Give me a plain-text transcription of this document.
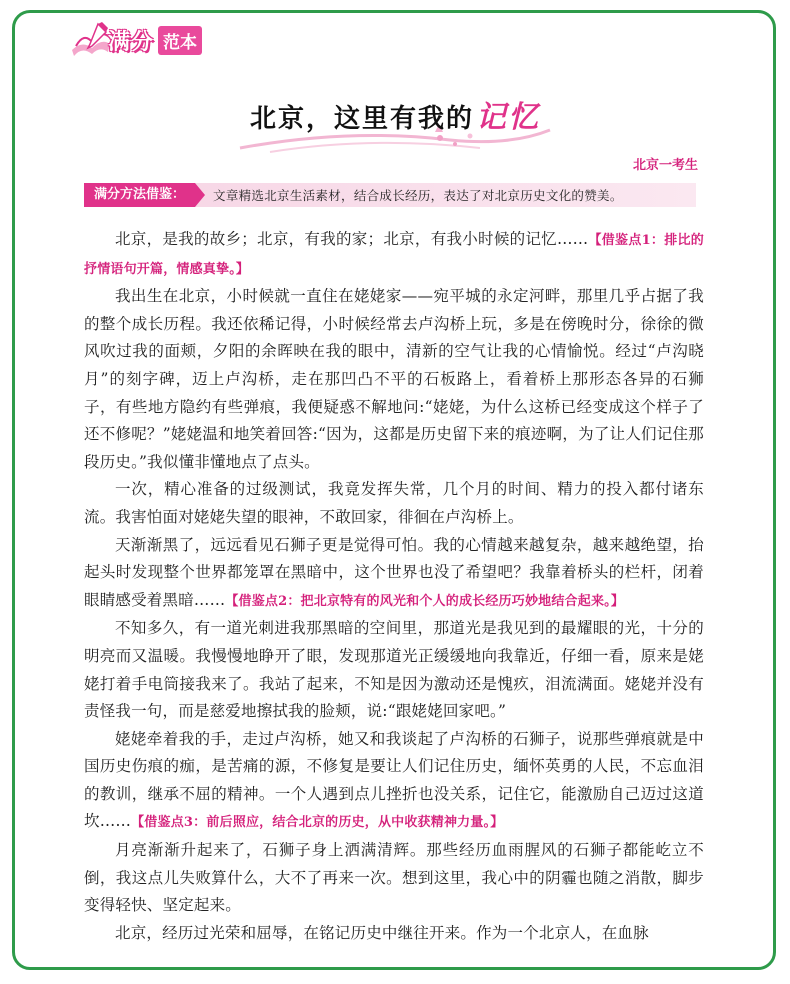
满分 范本
北京，这里有我的记忆
北京一考生
满分方法借鉴：	文章精选北京生活素材，结合成长经历，表达了对北京历史文化的赞美。

北京，是我的故乡；北京，有我的家；北京，有我小时候的记忆……【借鉴点1：排比的抒情语句开篇，情感真挚。】

我出生在北京，小时候就一直住在姥姥家——宛平城的永定河畔，那里几乎占据了我的整个成长历程。我还依稀记得，小时候经常去卢沟桥上玩，多是在傍晚时分，徐徐的微风吹过我的面颊，夕阳的余晖映在我的眼中，清新的空气让我的心情愉悦。经过“卢沟晓月”的刻字碑，迈上卢沟桥，走在那凹凸不平的石板路上，看着桥上那形态各异的石狮子，有些地方隐约有些弹痕，我便疑惑不解地问:“姥姥，为什么这桥已经变成这个样子了还不修呢？”姥姥温和地笑着回答:“因为，这都是历史留下来的痕迹啊，为了让人们记住那段历史。”我似懂非懂地点了点头。

一次，精心准备的过级测试，我竟发挥失常，几个月的时间、精力的投入都付诸东流。我害怕面对姥姥失望的眼神，不敢回家，徘徊在卢沟桥上。

天渐渐黑了，远远看见石狮子更是觉得可怕。我的心情越来越复杂，越来越绝望，抬起头时发现整个世界都笼罩在黑暗中，这个世界也没了希望吧？我靠着桥头的栏杆，闭着眼睛感受着黑暗……【借鉴点2：把北京特有的风光和个人的成长经历巧妙地结合起来。】

不知多久，有一道光刺进我那黑暗的空间里，那道光是我见到的最耀眼的光，十分的明亮而又温暖。我慢慢地睁开了眼，发现那道光正缓缓地向我靠近，仔细一看，原来是姥姥打着手电筒接我来了。我站了起来，不知是因为激动还是愧疚，泪流满面。姥姥并没有责怪我一句，而是慈爱地擦拭我的脸颊，说:“跟姥姥回家吧。”

姥姥牵着我的手，走过卢沟桥，她又和我谈起了卢沟桥的石狮子，说那些弹痕就是中国历史伤痕的痂，是苦痛的源，不修复是要让人们记住历史，缅怀英勇的人民，不忘血泪的教训，继承不屈的精神。一个人遇到点儿挫折也没关系，记住它，能激励自己迈过这道坎……【借鉴点3：前后照应，结合北京的历史，从中收获精神力量。】

月亮渐渐升起来了，石狮子身上洒满清辉。那些经历血雨腥风的石狮子都能屹立不倒，我这点儿失败算什么，大不了再来一次。想到这里，我心中的阴霾也随之消散，脚步变得轻快、坚定起来。

北京，经历过光荣和屈辱，在铭记历史中继往开来。作为一个北京人，在血脉
